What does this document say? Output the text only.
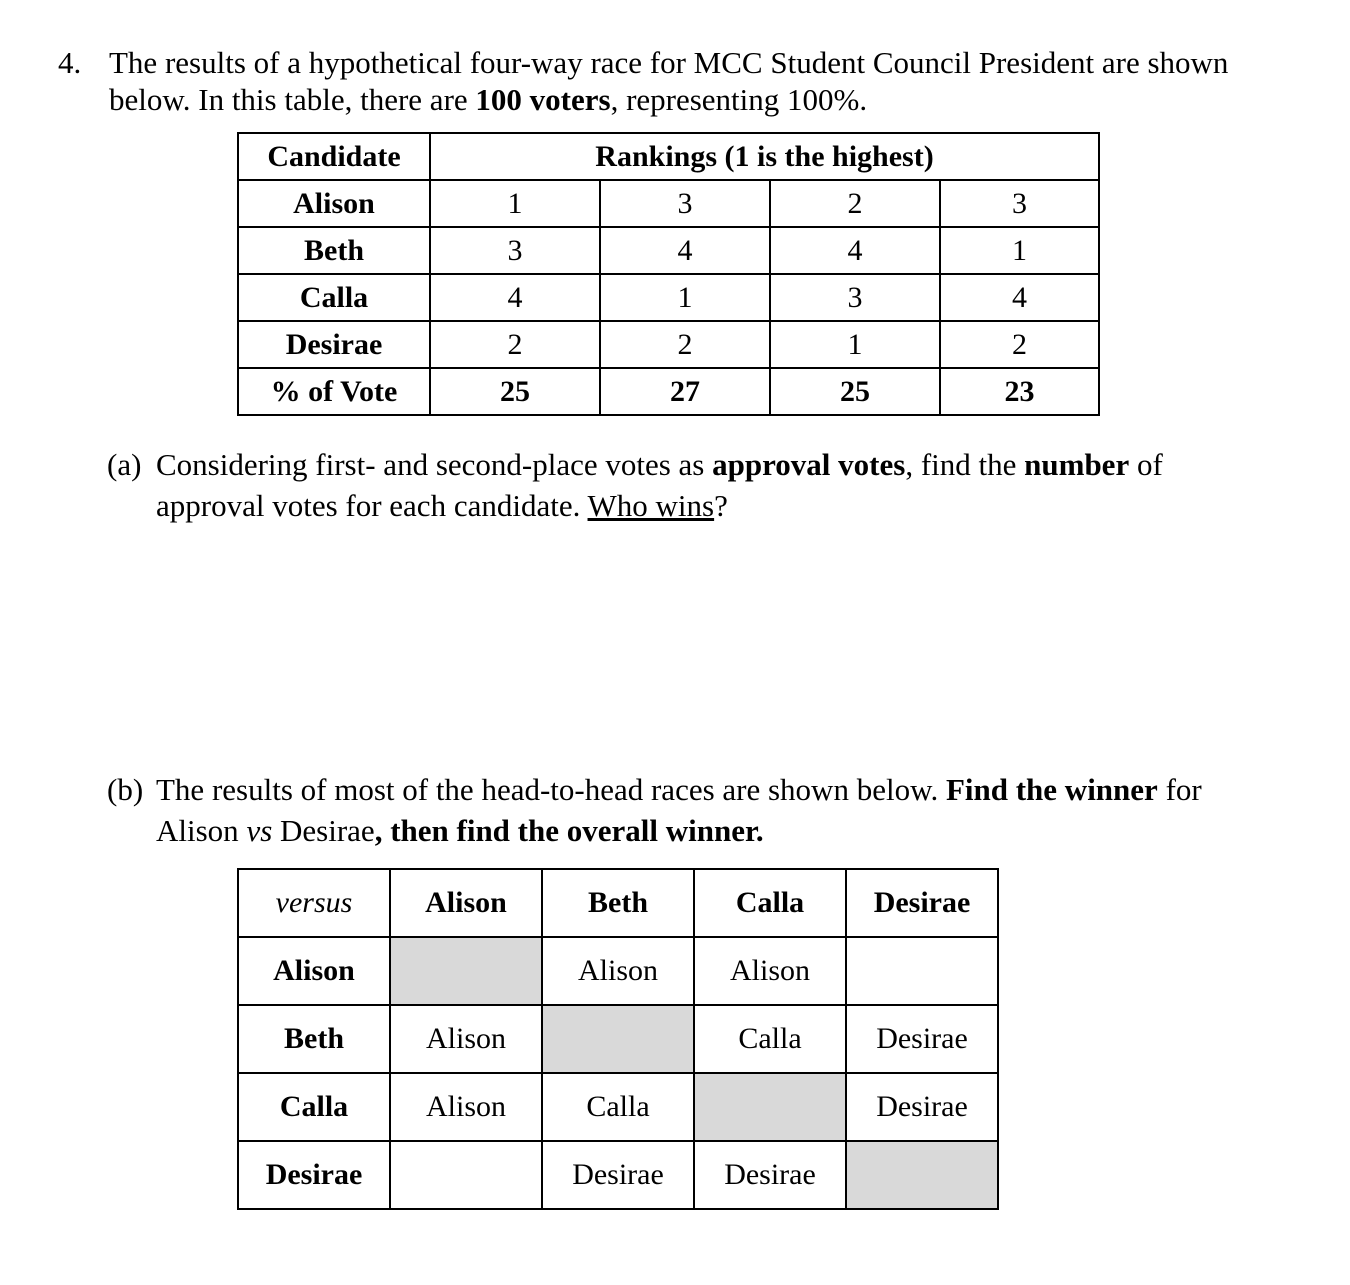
4. The results of a hypothetical four-way race for MCC Student Council President are shown
below. In this table, there are 100 voters, representing 100%.
Candidate	Rankings (1 is the highest)			
Alison	1	3	2	3
Beth	3	4	4	1
Calla	4	1	3	4
Desirae	2	2	1	2
% of Vote	25	27	25	23
(a) Considering first- and second-place votes as approval votes, find the number of
approval votes for each candidate. Who wins?
(b) The results of most of the head-to-head races are shown below. Find the winner for
Alison vs Desirae, then find the overall winner.
versus	Alison	Beth	Calla	Desirae
Alison		Alison	Alison	
Beth	Alison		Calla	Desirae
Calla	Alison	Calla		Desirae
Desirae		Desirae	Desirae	
